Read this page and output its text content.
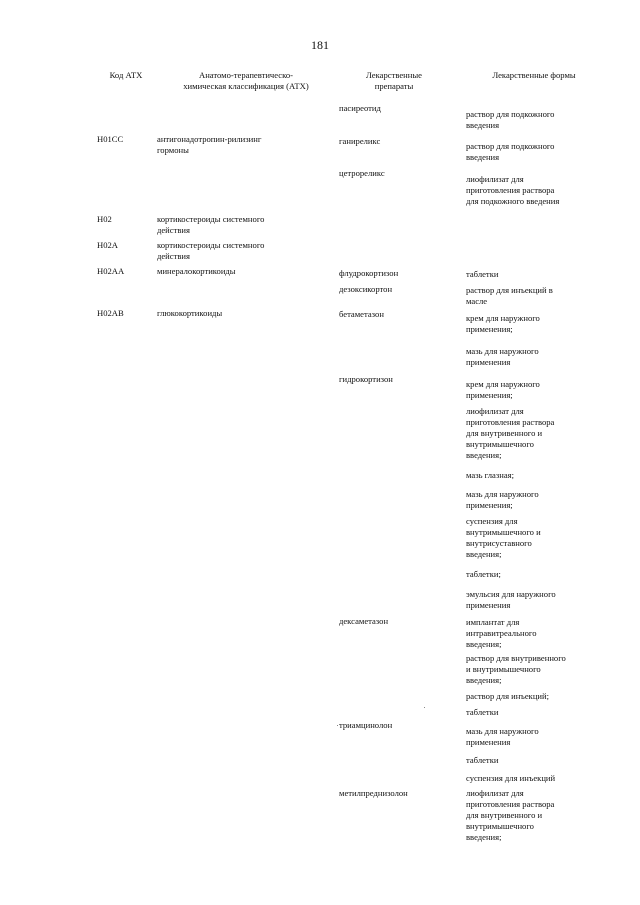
181
Код АТХ	Анатомо-терапевтическо-
химическая классификация (АТХ)
Лекарственные
препараты
Лекарственные формы
H01CC
H02
H02A
H02AA
H02AB
антигонадотропин-рилизинг
гормоны
кортикостероиды системного
действия
кортикостероиды системного
действия
минералокортикоиды
глюкокортикоиды
пасиреотид
ганиреликс
цетрореликс
флудрокортизон
дезоксикортон
бетаметазон
гидрокортизон
дексаметазон
триамцинолон
метилпреднизолон
раствор для подкожного
введения
раствор для подкожного
введения
лиофилизат для
приготовления раствора
для подкожного введения
таблетки
раствор для инъекций в
масле
крем для наружного
применения;
мазь для наружного
применения
крем для наружного
применения;
лиофилизат для
приготовления раствора
для внутривенного и
внутримышечного
введения;
мазь глазная;
мазь для наружного
применения;
суспензия для
внутримышечного и
внутрисуставного
введения;
таблетки;
эмульсия для наружного
применения
имплантат для
интравитреального
введения;
раствор для внутривенного
и внутримышечного
введения;
раствор для инъекций;
таблетки
мазь для наружного
применения
таблетки
суспензия для инъекций
лиофилизат для
приготовления раствора
для внутривенного и
внутримышечного
введения;
